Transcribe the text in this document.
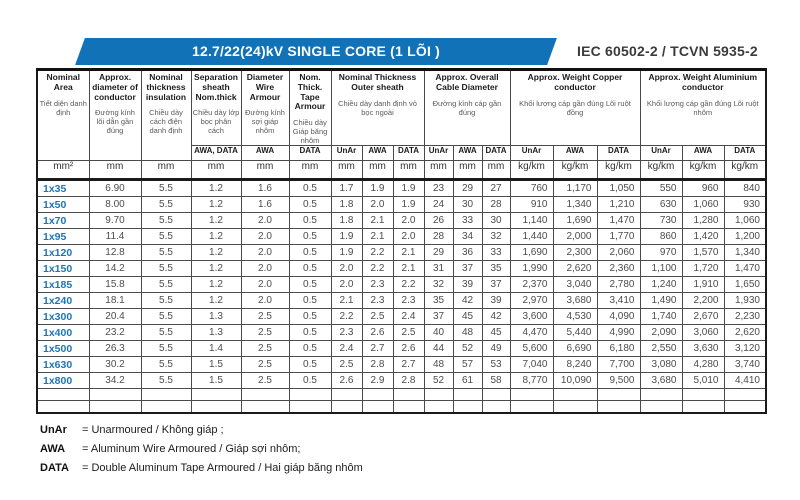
12.7/22(24)kV SINGLE CORE (1 LÕI )	IEC 60502-2 / TCVN 5935-2
Nominal Area
Tiết diện danh định

Approx. diameter of conductor
Đường kính lõi dẫn gần đúng

Nominal thickness insulation
Chiều dày cách điện danh định

Separation sheath Nom.thick
Chiều dày lớp bọc phân cách

Diameter Wire Armour
Đường kính sợi giáp nhôm

Nom. Thick. Tape Armour
Chiều dày Giáp băng nhôm

Nominal Thickness Outer sheath
Chiều dày danh định vỏ bọc ngoài

Approx. Overall Cable Diameter
Đường kính cáp gần đúng

Approx. Weight Copper conductor
Khối lượng cáp gần đúng Lõi ruột đồng

Approx. Weight Aluminium conductor
Khối lượng cáp gần đúng Lõi ruột nhôm

			AWA, DATA	AWA	DATA	UnAr	AWA	DATA	UnAr	AWA	DATA	UnAr	AWA	DATA	UnAr	AWA	DATA
mm²	mm	mm	mm	mm	mm	mm	mm	mm	mm	mm	mm	kg/km	kg/km	kg/km	kg/km	kg/km	kg/km
1x35	6.90	5.5	1.2	1.6	0.5	1.7	1.9	1.9	23	29	27	760	1,170	1,050	550	960	840
1x50	8.00	5.5	1.2	1.6	0.5	1.8	2.0	1.9	24	30	28	910	1,340	1,210	630	1,060	930
1x70	9.70	5.5	1.2	2.0	0.5	1.8	2.1	2.0	26	33	30	1,140	1,690	1,470	730	1,280	1,060
1x95	11.4	5.5	1.2	2.0	0.5	1.9	2.1	2.0	28	34	32	1,440	2,000	1,770	860	1,420	1,200
1x120	12.8	5.5	1.2	2.0	0.5	1.9	2.2	2.1	29	36	33	1,690	2,300	2,060	970	1,570	1,340
1x150	14.2	5.5	1.2	2.0	0.5	2.0	2.2	2.1	31	37	35	1,990	2,620	2,360	1,100	1,720	1,470
1x185	15.8	5.5	1.2	2.0	0.5	2.0	2.3	2.2	32	39	37	2,370	3,040	2,780	1,240	1,910	1,650
1x240	18.1	5.5	1.2	2.0	0.5	2.1	2.3	2.3	35	42	39	2,970	3,680	3,410	1,490	2,200	1,930
1x300	20.4	5.5	1.3	2.5	0.5	2.2	2.5	2.4	37	45	42	3,600	4,530	4,090	1,740	2,670	2,230
1x400	23.2	5.5	1.3	2.5	0.5	2.3	2.6	2.5	40	48	45	4,470	5,440	4,990	2,090	3,060	2,620
1x500	26.3	5.5	1.4	2.5	0.5	2.4	2.7	2.6	44	52	49	5,600	6,690	6,180	2,550	3,630	3,120
1x630	30.2	5.5	1.5	2.5	0.5	2.5	2.8	2.7	48	57	53	7,040	8,240	7,700	3,080	4,280	3,740
1x800	34.2	5.5	1.5	2.5	0.5	2.6	2.9	2.8	52	61	58	8,770	10,090	9,500	3,680	5,010	4,410

UnAr = Unarmoured / Không giáp ;
AWA = Aluminum Wire Armoured / Giáp sợi nhôm;
DATA = Double Aluminum Tape Armoured / Hai giáp băng nhôm
